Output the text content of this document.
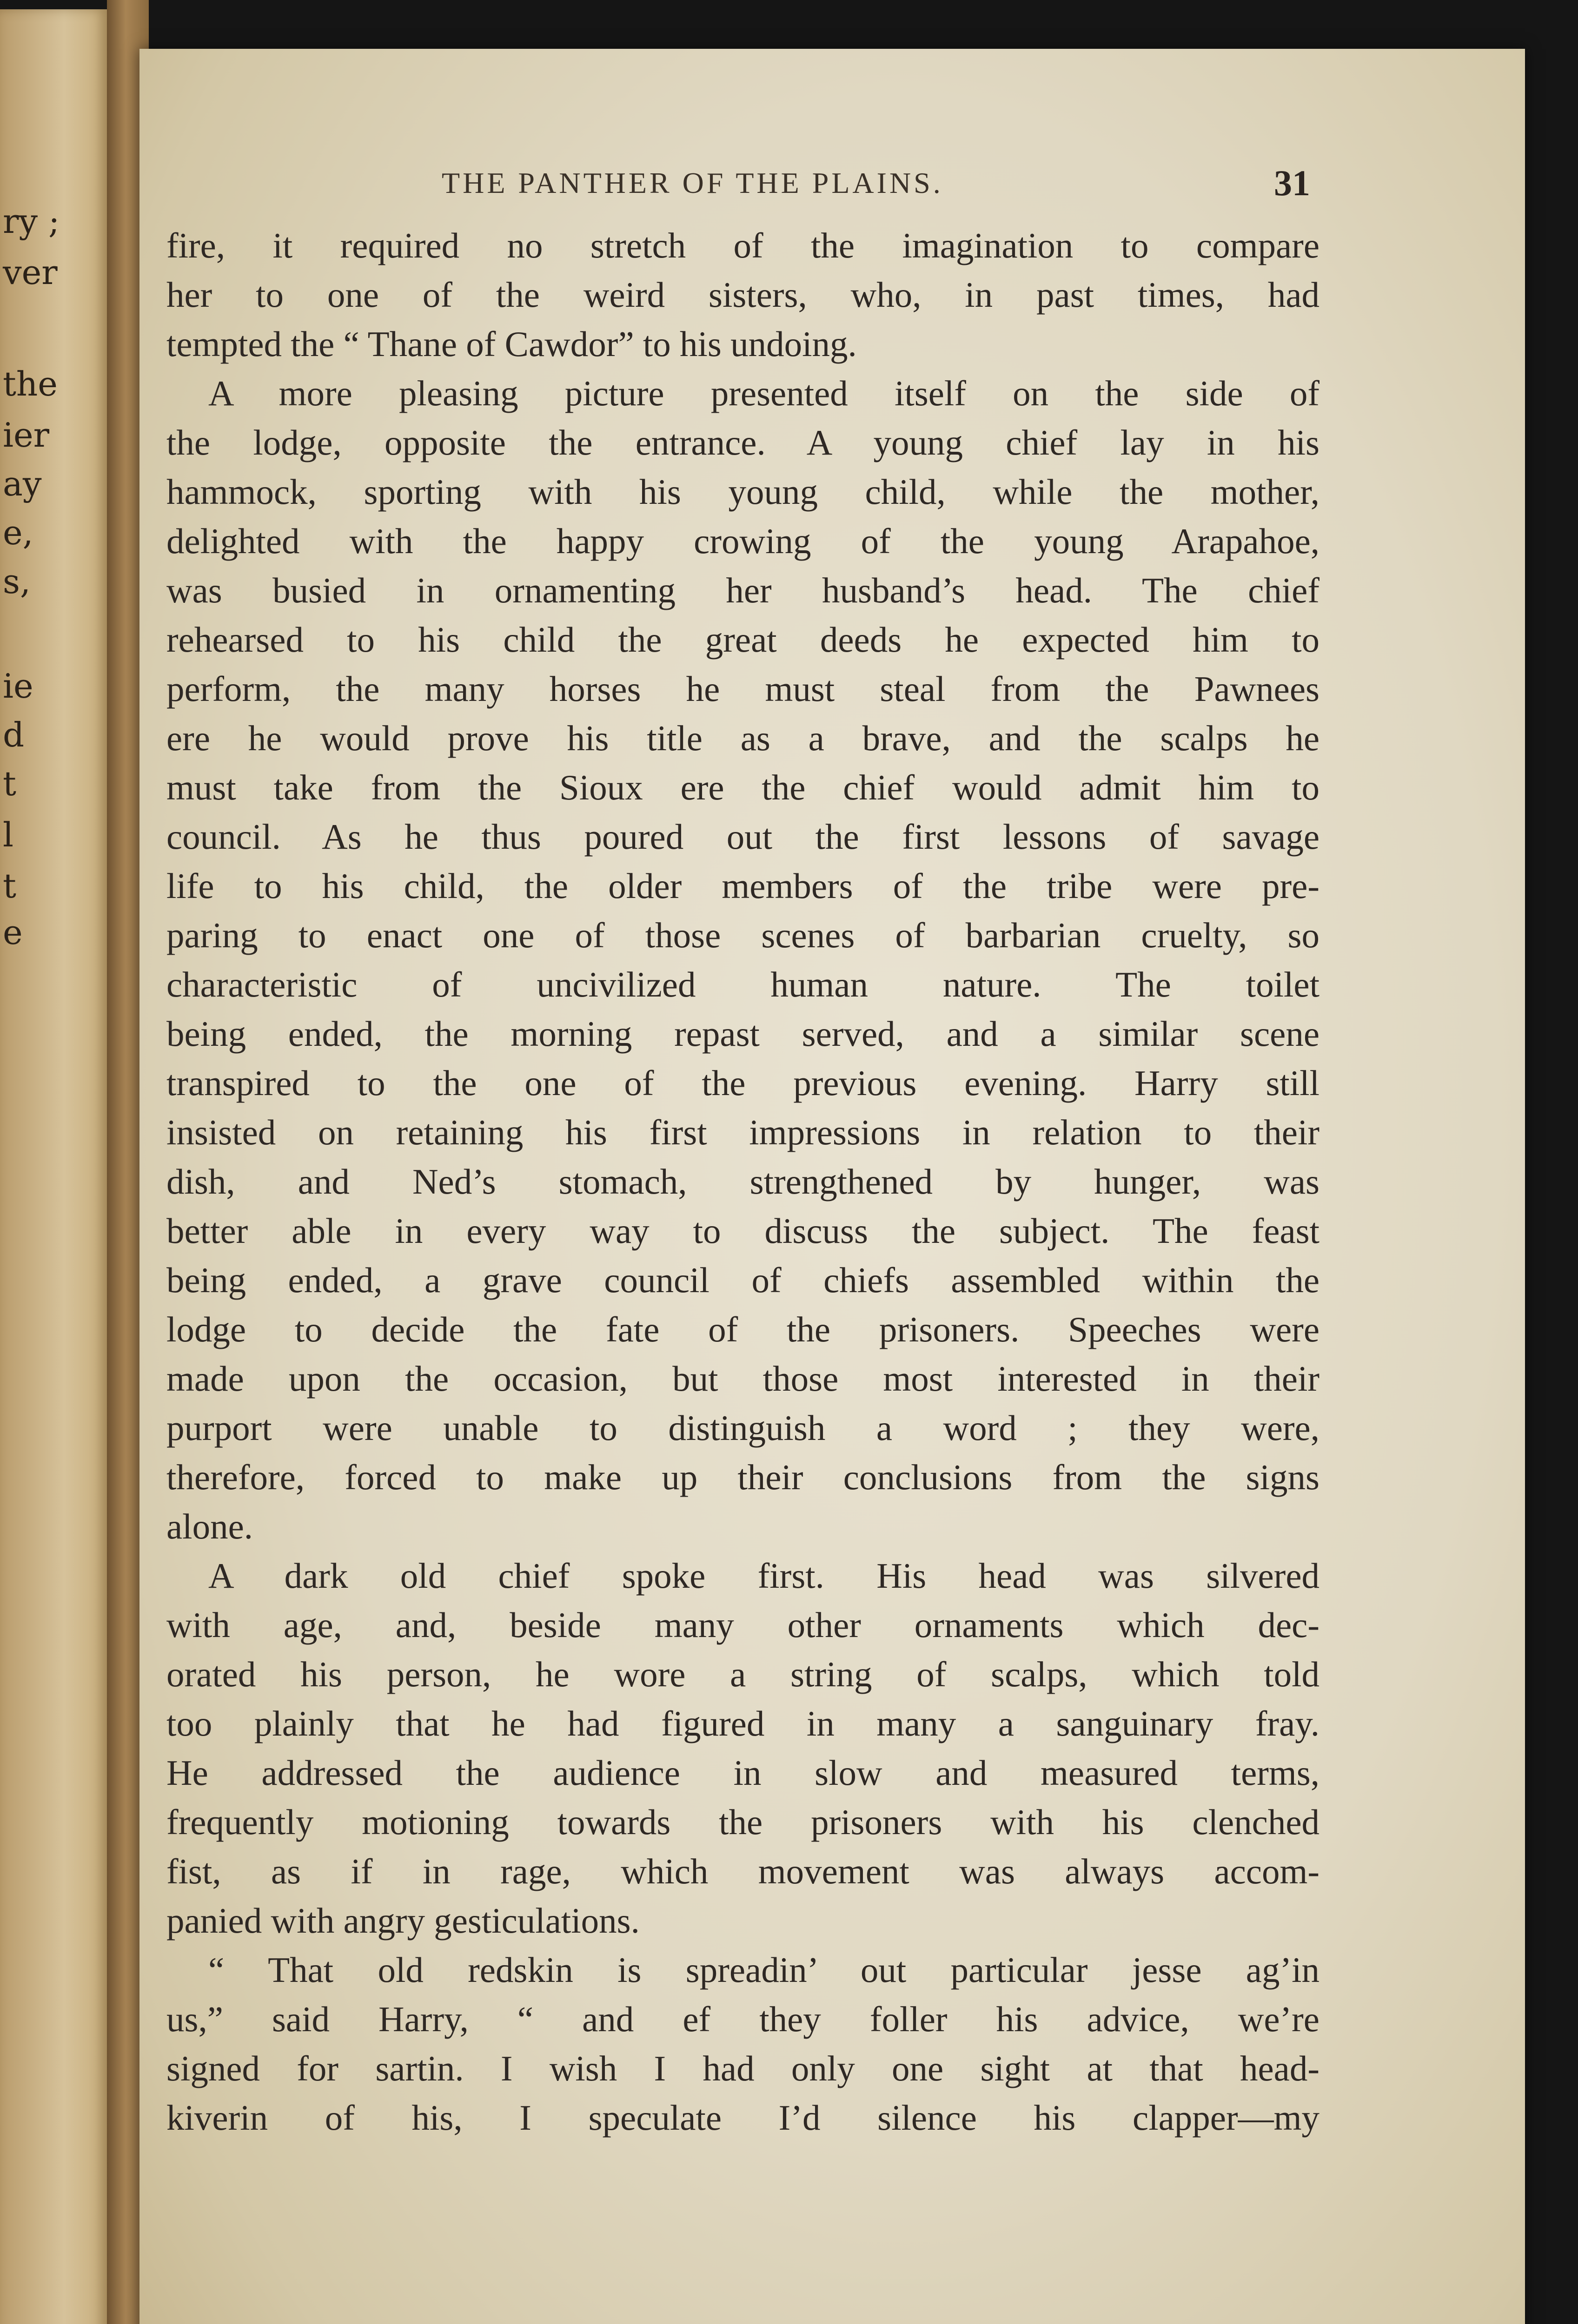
ry ;
ver
the
ier
ay
e,
s,
ie
d
t
l
t
e
THE PANTHER OF THE PLAINS.	31
fire, it required no stretch of the imagination to compare
her to one of the weird sisters, who, in past times, had
tempted the “ Thane of Cawdor” to his undoing.
A more pleasing picture presented itself on the side of
the lodge, opposite the entrance. A young chief lay in his
hammock, sporting with his young child, while the mother,
delighted with the happy crowing of the young Arapahoe,
was busied in ornamenting her husband’s head. The chief
rehearsed to his child the great deeds he expected him to
perform, the many horses he must steal from the Pawnees
ere he would prove his title as a brave, and the scalps he
must take from the Sioux ere the chief would admit him to
council. As he thus poured out the first lessons of savage
life to his child, the older members of the tribe were pre-
paring to enact one of those scenes of barbarian cruelty, so
characteristic of uncivilized human nature. The toilet
being ended, the morning repast served, and a similar scene
transpired to the one of the previous evening. Harry still
insisted on retaining his first impressions in relation to their
dish, and Ned’s stomach, strengthened by hunger, was
better able in every way to discuss the subject. The feast
being ended, a grave council of chiefs assembled within the
lodge to decide the fate of the prisoners. Speeches were
made upon the occasion, but those most interested in their
purport were unable to distinguish a word ; they were,
therefore, forced to make up their conclusions from the signs
alone.
A dark old chief spoke first. His head was silvered
with age, and, beside many other ornaments which dec-
orated his person, he wore a string of scalps, which told
too plainly that he had figured in many a sanguinary fray.
He addressed the audience in slow and measured terms,
frequently motioning towards the prisoners with his clenched
fist, as if in rage, which movement was always accom-
panied with angry gesticulations.
“ That old redskin is spreadin’ out particular jesse ag’in
us,” said Harry, “ and ef they foller his advice, we’re
signed for sartin. I wish I had only one sight at that head-
kiverin of his, I speculate I’d silence his clapper—my
